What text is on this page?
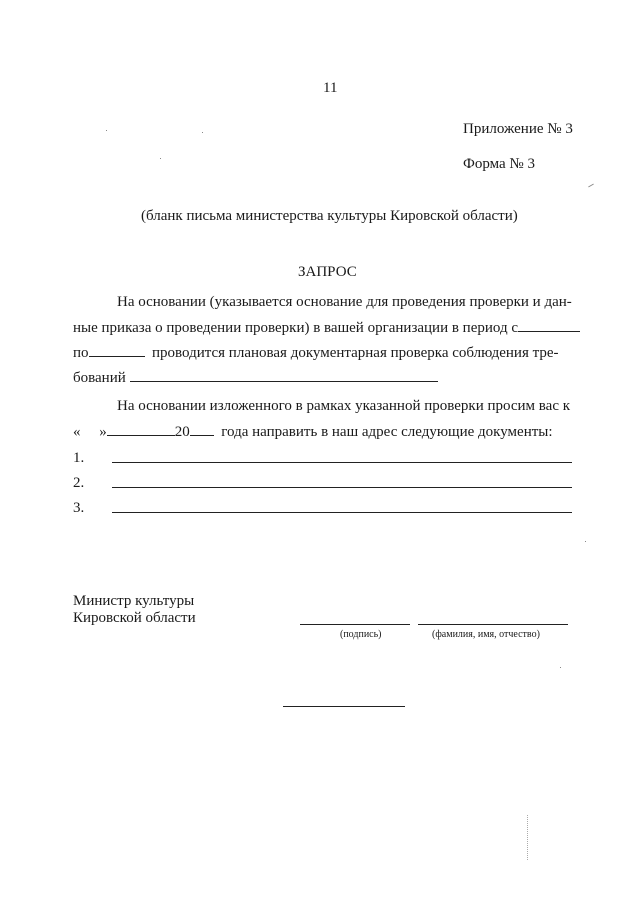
11
Приложение № 3
Форма № 3
(бланк письма министерства культуры Кировской области)
ЗАПРОС
На основании (указывается основание для проведения проверки и дан-
ные приказа о проведении проверки) в вашей организации в период с
по	проводится плановая документарная проверка соблюдения тре-
бований
На основании изложенного в рамках указанной проверки просим вас к
« »	20 года направить в наш адрес следующие документы:
1.
2.
3.
Министр культуры
Кировской области
(подпись)	(фамилия, имя, отчество)
